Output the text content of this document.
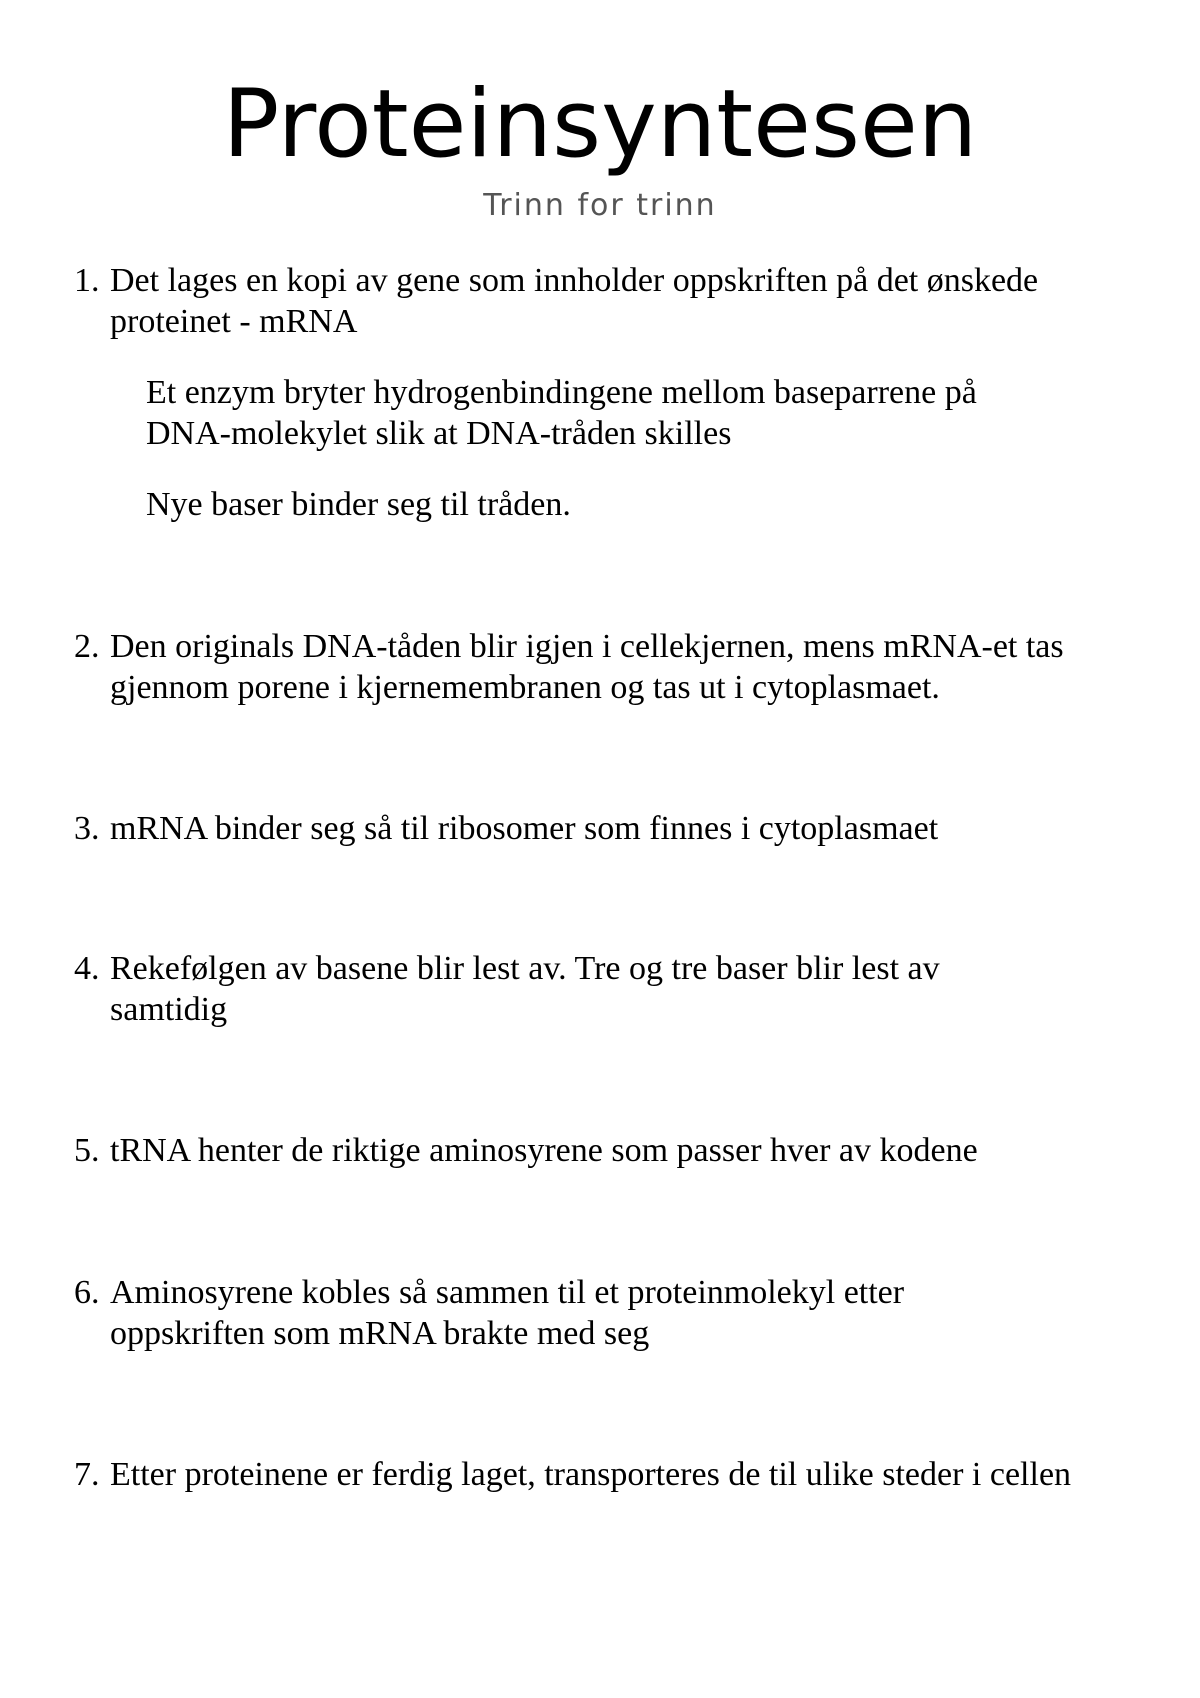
Proteinsyntesen
Trinn for trinn
1. Det lages en kopi av gene som innholder oppskriften på det ønskede proteinet - mRNA
Et enzym bryter hydrogenbindingene mellom baseparrene på DNA-molekylet slik at DNA-tråden skilles
Nye baser binder seg til tråden.
2. Den originals DNA-tåden blir igjen i cellekjernen, mens mRNA-et tas gjennom porene i kjernemembranen og tas ut i cytoplasmaet.
3. mRNA binder seg så til ribosomer som finnes i cytoplasmaet
4. Rekefølgen av basene blir lest av. Tre og tre baser blir lest av samtidig
5. tRNA henter de riktige aminosyrene som passer hver av kodene
6. Aminosyrene kobles så sammen til et proteinmolekyl etter oppskriften som mRNA brakte med seg
7. Etter proteinene er ferdig laget, transporteres de til ulike steder i cellen
